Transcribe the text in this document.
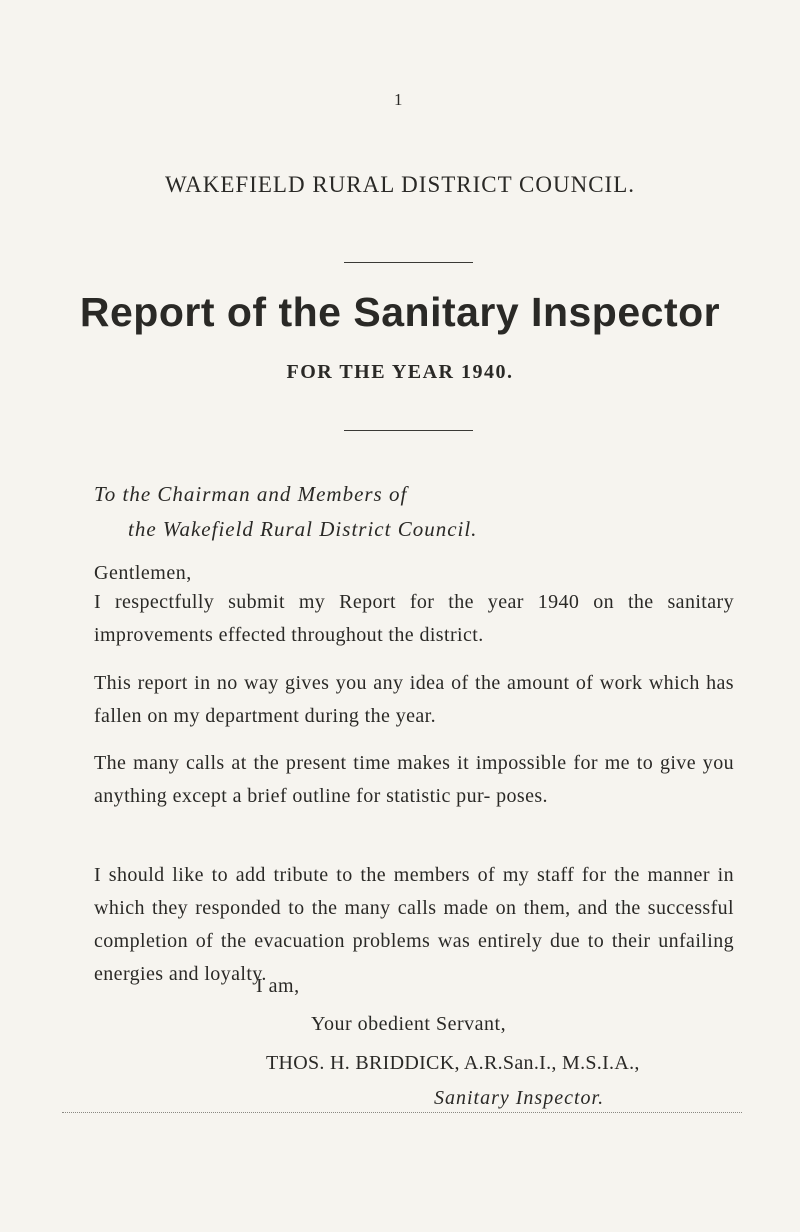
1
WAKEFIELD RURAL DISTRICT COUNCIL.
Report of the Sanitary Inspector
FOR THE YEAR 1940.
To the Chairman and Members of
the Wakefield Rural District Council.
Gentlemen,
I respectfully submit my Report for the year 1940 on the sanitary improvements effected throughout the district.
This report in no way gives you any idea of the amount of work which has fallen on my department during the year.
The many calls at the present time makes it impossible for me to give you anything except a brief outline for statistic pur- poses.
I should like to add tribute to the members of my staff for the manner in which they responded to the many calls made on them, and the successful completion of the evacuation problems was entirely due to their unfailing energies and loyalty.
I am,
Your obedient Servant,
THOS. H. BRIDDICK, A.R.San.I., M.S.I.A.,
Sanitary Inspector.
